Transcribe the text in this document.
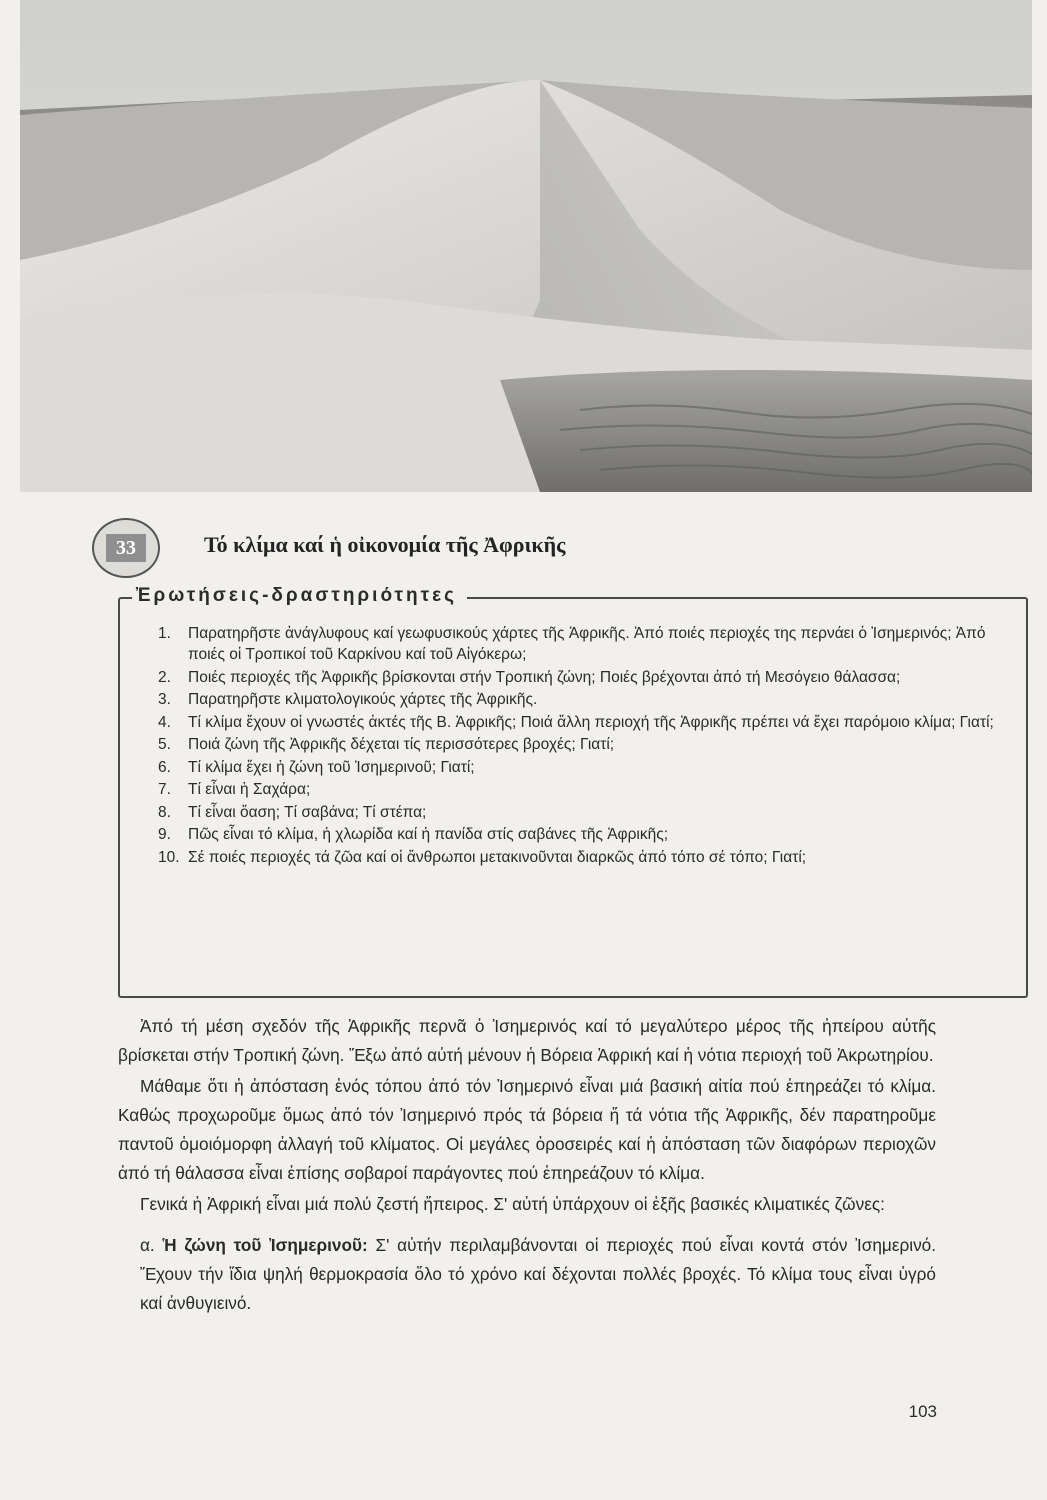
33	Τό κλίμα καί ἡ οἰκονομία τῆς Ἀφρικῆς
Ἐρωτήσεις-δραστηριότητες
1.	Παρατηρῆστε ἀνάγλυφους καί γεωφυσικούς χάρτες τῆς Ἀφρικῆς. Ἀπό ποιές περιοχές της περνάει ὁ Ἰσημερινός; Ἀπό ποιές οἱ Τροπικοί τοῦ Καρκίνου καί τοῦ Αἰγόκερω;
2.	Ποιές περιοχές τῆς Ἀφρικῆς βρίσκονται στήν Τροπική ζώνη; Ποιές βρέχονται ἀπό τή Μεσόγειο θάλασσα;
3.	Παρατηρῆστε κλιματολογικούς χάρτες τῆς Ἀφρικῆς.
4.	Τί κλίμα ἔχουν οἱ γνωστές ἀκτές τῆς Β. Ἀφρικῆς; Ποιά ἄλλη περιοχή τῆς Ἀφρικῆς πρέπει νά ἔχει παρόμοιο κλίμα; Γιατί;
5.	Ποιά ζώνη τῆς Ἀφρικῆς δέχεται τίς περισσότερες βροχές; Γιατί;
6.	Τί κλίμα ἔχει ἡ ζώνη τοῦ Ἰσημερινοῦ; Γιατί;
7.	Τί εἶναι ἡ Σαχάρα;
8.	Τί εἶναι ὄαση; Τί σαβάνα; Τί στέπα;
9.	Πῶς εἶναι τό κλίμα, ἡ χλωρίδα καί ἡ πανίδα στίς σαβάνες τῆς Ἀφρικῆς;
10. Σέ ποιές περιοχές τά ζῶα καί οἱ ἄνθρωποι μετακινοῦνται διαρκῶς ἀπό τόπο σέ τόπο; Γιατί;

Ἀπό τή μέση σχεδόν τῆς Ἀφρικῆς περνᾶ ὁ Ἰσημερινός καί τό μεγαλύτερο μέρος τῆς ἠπείρου αὐτῆς βρίσκεται στήν Τροπική ζώνη. Ἔξω ἀπό αὐτή μένουν ἡ Βόρεια Ἀφρική καί ἡ νότια περιοχή τοῦ Ἀκρωτηρίου.

Μάθαμε ὅτι ἡ ἀπόσταση ἑνός τόπου ἀπό τόν Ἰσημερινό εἶναι μιά βασική αἰτία πού ἐπηρεάζει τό κλίμα. Καθώς προχωροῦμε ὅμως ἀπό τόν Ἰσημερινό πρός τά βόρεια ἤ τά νότια τῆς Ἀφρικῆς, δέν παρατηροῦμε παντοῦ ὁμοιόμορφη ἀλλαγή τοῦ κλίματος. Οἱ μεγάλες ὀροσειρές καί ἡ ἀπόσταση τῶν διαφόρων περιοχῶν ἀπό τή θάλασσα εἶναι ἐπίσης σοβαροί παράγοντες πού ἐπηρεάζουν τό κλίμα.

Γενικά ἡ Ἀφρική εἶναι μιά πολύ ζεστή ἤπειρος. Σ' αὐτή ὑπάρχουν οἱ ἑξῆς βασικές κλιματικές ζῶνες:

α. Ἡ ζώνη τοῦ Ἰσημερινοῦ: Σ' αὐτήν περιλαμβάνονται οἱ περιοχές πού εἶναι κοντά στόν Ἰσημερινό. Ἔχουν τήν ἴδια ψηλή θερμοκρασία ὅλο τό χρόνο καί δέχονται πολλές βροχές. Τό κλίμα τους εἶναι ὑγρό καί ἀνθυγιεινό.

103
